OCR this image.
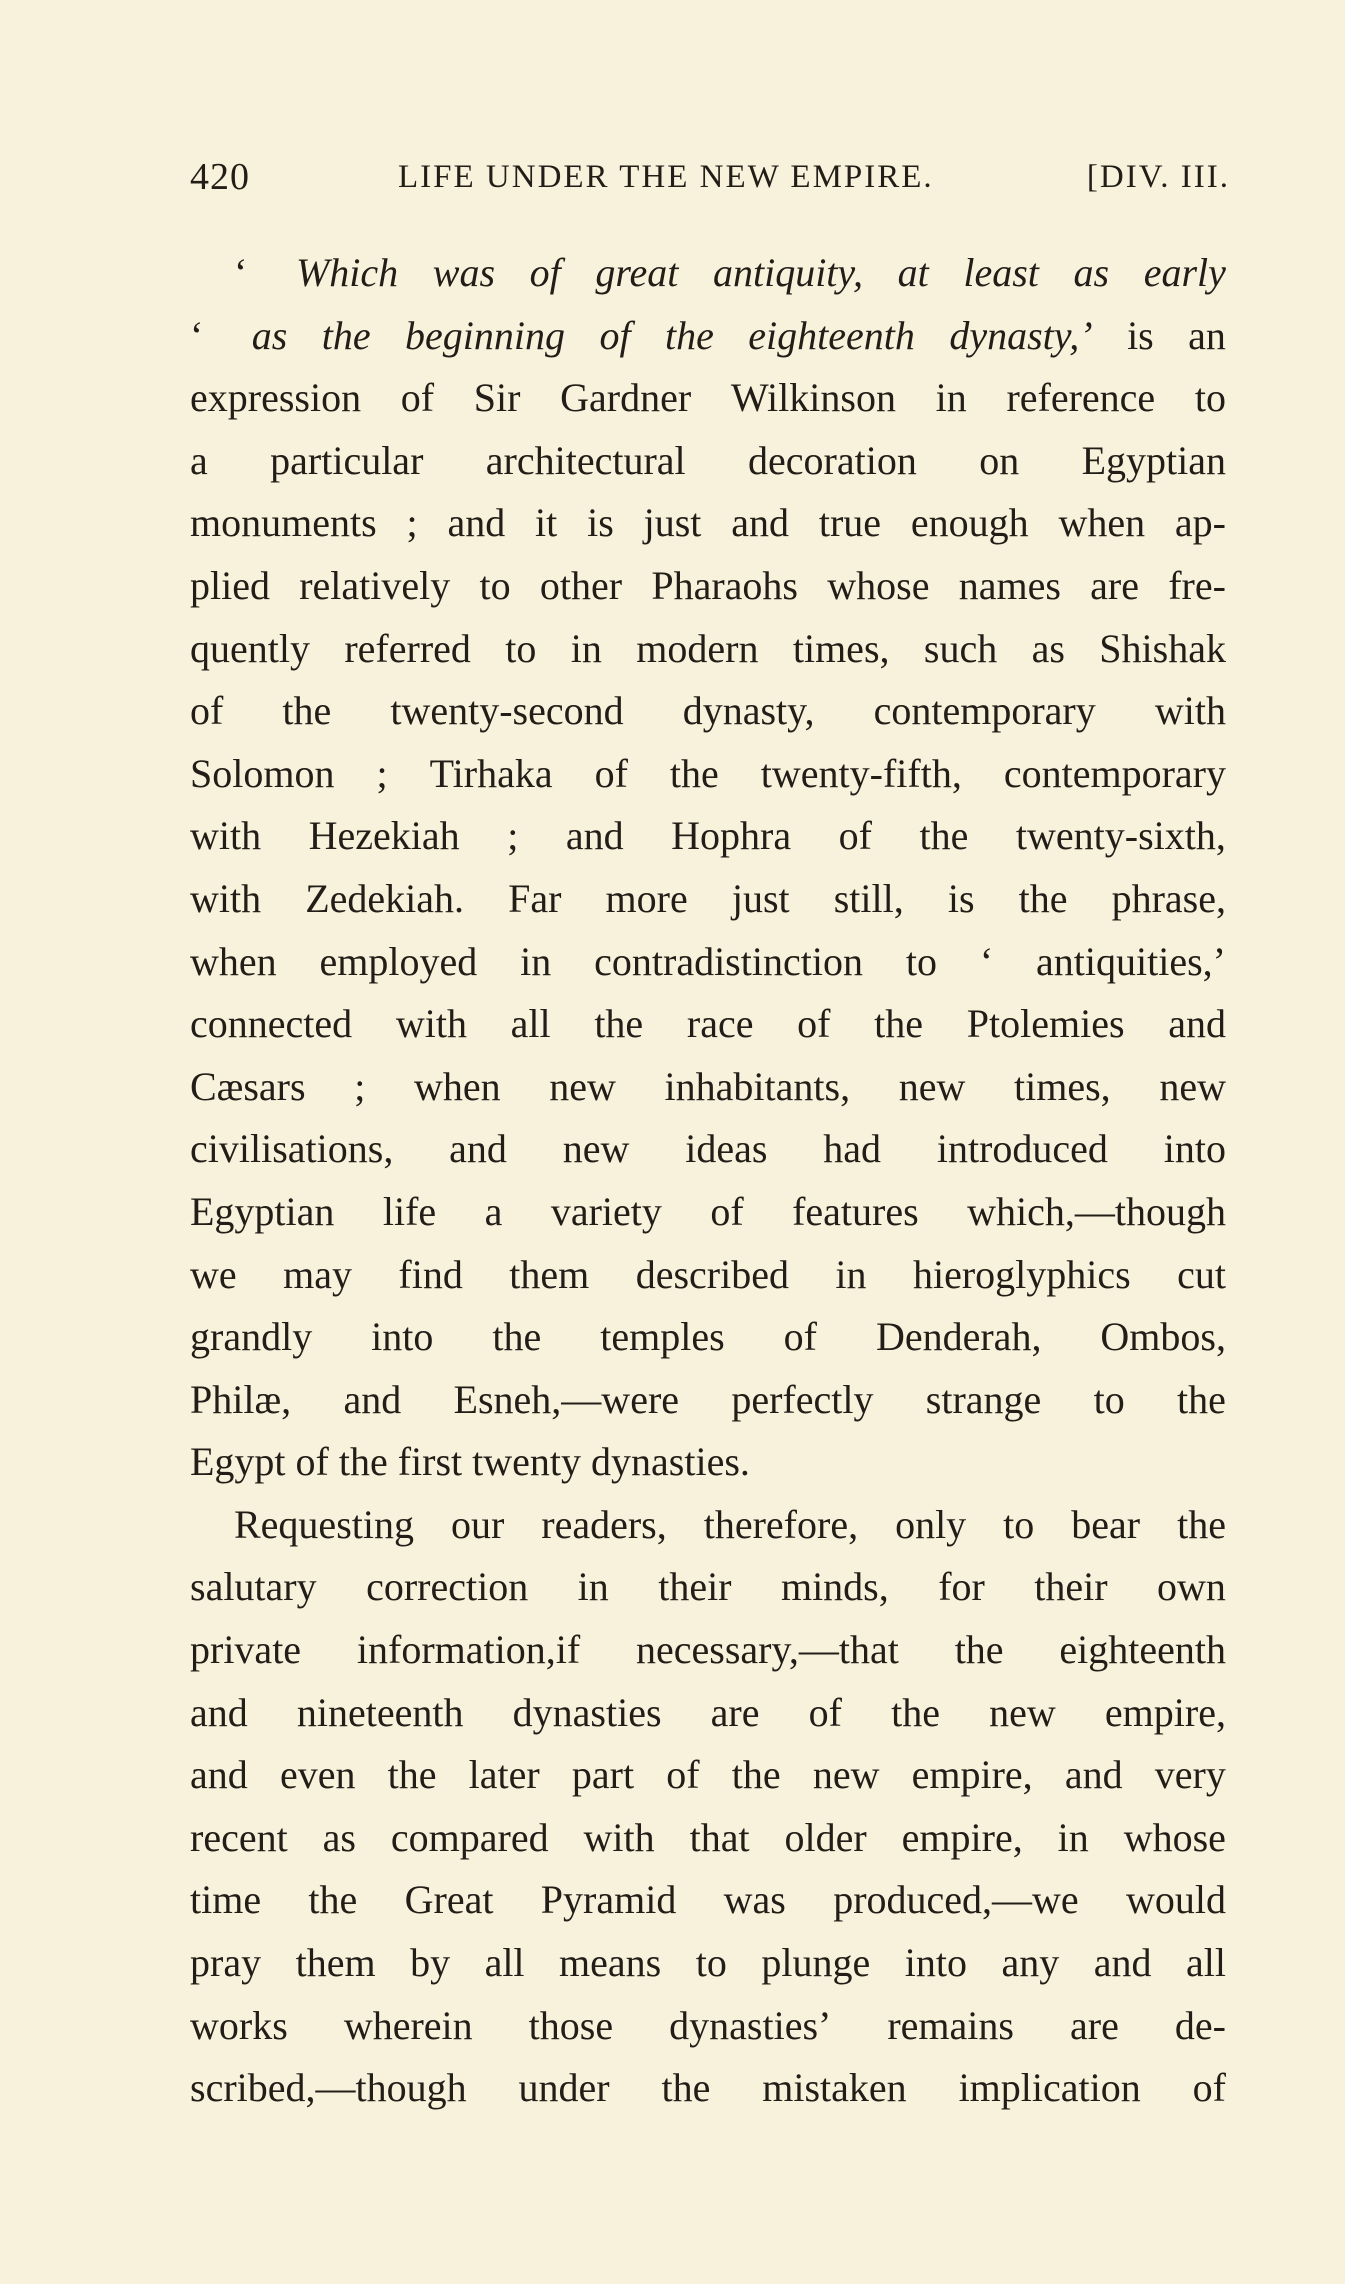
420	LIFE UNDER THE NEW EMPIRE.	[DIV. III.
‘ Which was of great antiquity, at least as early
‘ as the beginning of the eighteenth dynasty,’ is an
expression of Sir Gardner Wilkinson in reference to
a particular architectural decoration on Egyptian
monuments ; and it is just and true enough when ap-
plied relatively to other Pharaohs whose names are fre-
quently referred to in modern times, such as Shishak
of the twenty-second dynasty, contemporary with
Solomon ; Tirhaka of the twenty-fifth, contemporary
with Hezekiah ; and Hophra of the twenty-sixth,
with Zedekiah. Far more just still, is the phrase,
when employed in contradistinction to ‘ antiquities,’
connected with all the race of the Ptolemies and
Cæsars ; when new inhabitants, new times, new
civilisations, and new ideas had introduced into
Egyptian life a variety of features which,—though
we may find them described in hieroglyphics cut
grandly into the temples of Denderah, Ombos,
Philæ, and Esneh,—were perfectly strange to the
Egypt of the first twenty dynasties.
Requesting our readers, therefore, only to bear the
salutary correction in their minds, for their own
private information,if necessary,—that the eighteenth
and nineteenth dynasties are of the new empire,
and even the later part of the new empire, and very
recent as compared with that older empire, in whose
time the Great Pyramid was produced,—we would
pray them by all means to plunge into any and all
works wherein those dynasties’ remains are de-
scribed,—though under the mistaken implication of
